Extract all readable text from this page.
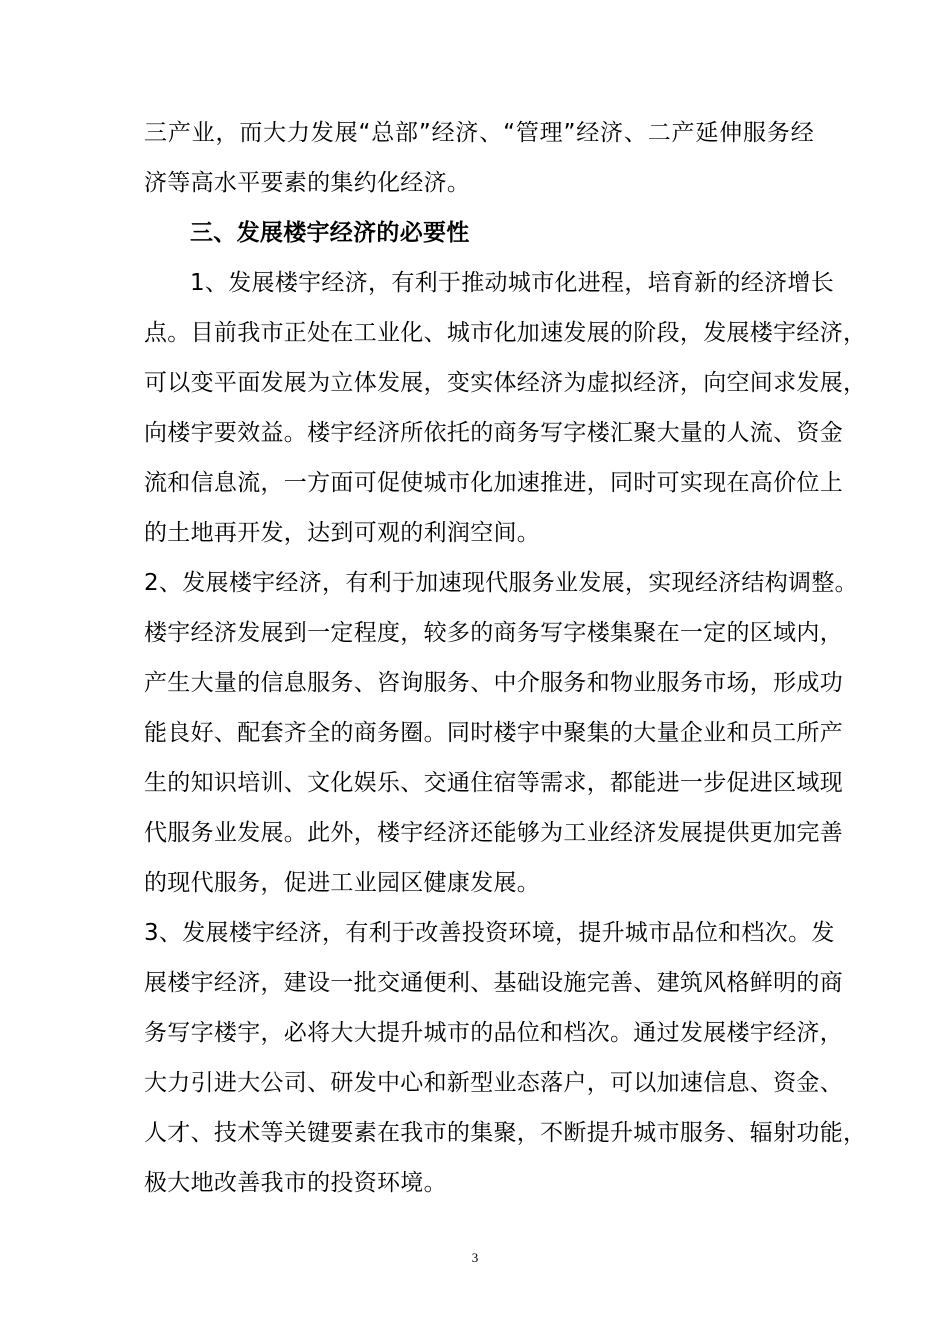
三产业，而大力发展“总部”经济、“管理”经济、二产延伸服务经
济等高水平要素的集约化经济。
三、发展楼宇经济的必要性
1、发展楼宇经济，有利于推动城市化进程，培育新的经济增长
点。目前我市正处在工业化、城市化加速发展的阶段，发展楼宇经济，
可以变平面发展为立体发展，变实体经济为虚拟经济，向空间求发展，
向楼宇要效益。楼宇经济所依托的商务写字楼汇聚大量的人流、资金
流和信息流，一方面可促使城市化加速推进，同时可实现在高价位上
的土地再开发，达到可观的利润空间。
2、发展楼宇经济，有利于加速现代服务业发展，实现经济结构调整。
楼宇经济发展到一定程度，较多的商务写字楼集聚在一定的区域内，
产生大量的信息服务、咨询服务、中介服务和物业服务市场，形成功
能良好、配套齐全的商务圈。同时楼宇中聚集的大量企业和员工所产
生的知识培训、文化娱乐、交通住宿等需求，都能进一步促进区域现
代服务业发展。此外，楼宇经济还能够为工业经济发展提供更加完善
的现代服务，促进工业园区健康发展。
3、发展楼宇经济，有利于改善投资环境，提升城市品位和档次。发
展楼宇经济，建设一批交通便利、基础设施完善、建筑风格鲜明的商
务写字楼宇，必将大大提升城市的品位和档次。通过发展楼宇经济，
大力引进大公司、研发中心和新型业态落户，可以加速信息、资金、
人才、技术等关键要素在我市的集聚，不断提升城市服务、辐射功能，
极大地改善我市的投资环境。
3
